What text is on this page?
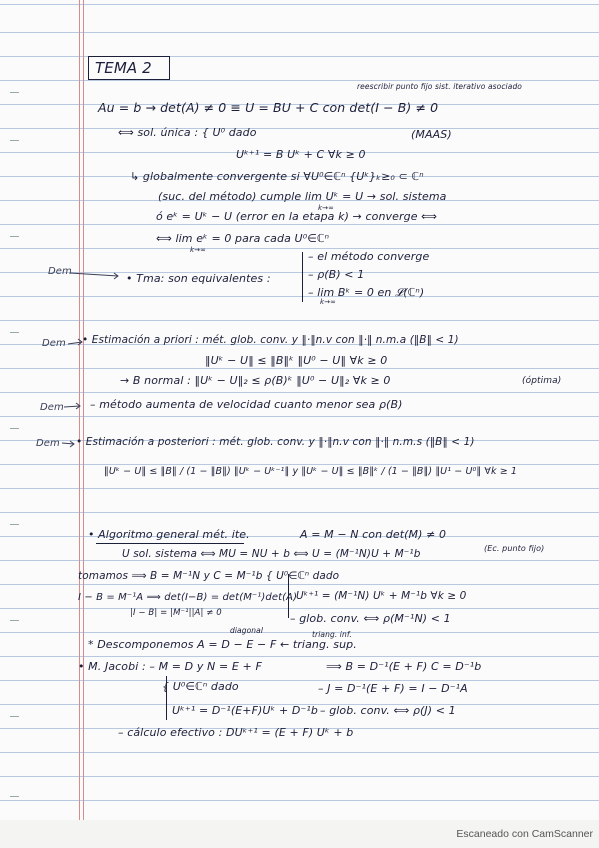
TEMA 2
Au = b → det(A) ≠ 0 ≡ U = BU + C con det(I − B) ≠ 0
reescribir punto fijo sist. iterativo asociado
⟺ sol. única : { U⁰ dado	(MAAS)
Uᵏ⁺¹ = B Uᵏ + C ∀k ≥ 0
↳ globalmente convergente si ∀U⁰∈ℂⁿ {Uᵏ}ₖ≥₀ ⊂ ℂⁿ
(suc. del método) cumple lim Uᵏ = U → sol. sistema
k→∞
ó eᵏ = Uᵏ − U (error en la etapa k) → converge ⟺
⟺ lim eᵏ = 0 para cada U⁰∈ℂⁿ
k→∞
Dem
• Tma: son equivalentes :
– el método converge
– ρ(B) < 1
– lim Bᵏ = 0 en 𝓛(ℂⁿ)
k→∞
Dem • Estimación a priori : mét. glob. conv. y ‖·‖n.v con ‖·‖ n.m.a (‖B‖ < 1)
‖Uᵏ − U‖ ≤ ‖B‖ᵏ ‖U⁰ − U‖ ∀k ≥ 0
→ B normal : ‖Uᵏ − U‖₂ ≤ ρ(B)ᵏ ‖U⁰ − U‖₂ ∀k ≥ 0	(óptima)
Dem – método aumenta de velocidad cuanto menor sea ρ(B)
Dem • Estimación a posteriori : mét. glob. conv. y ‖·‖n.v con ‖·‖ n.m.s (‖B‖ < 1)
‖Uᵏ − U‖ ≤ ‖B‖ / (1 − ‖B‖) ‖Uᵏ − Uᵏ⁻¹‖ y ‖Uᵏ − U‖ ≤ ‖B‖ᵏ / (1 − ‖B‖) ‖U¹ − U⁰‖ ∀k ≥ 1
• Algoritmo general mét. ite.	A = M − N con det(M) ≠ 0
U sol. sistema ⟺ MU = NU + b ⟺ U = (M⁻¹N)U + M⁻¹b	(Ec. punto fijo)
tomamos ⟹ B = M⁻¹N y C = M⁻¹b { U⁰∈ℂⁿ dado
I − B = M⁻¹A ⟹ det(I−B) = det(M⁻¹)det(A)
Uᵏ⁺¹ = (M⁻¹N) Uᵏ + M⁻¹b ∀k ≥ 0
|I − B| = |M⁻¹||A| ≠ 0	– glob. conv. ⟺ ρ(M⁻¹N) < 1
diagonal	triang. inf.
* Descomponemos A = D − E − F ← triang. sup.
• M. Jacobi : – M = D y N = E + F	⟹ B = D⁻¹(E + F) C = D⁻¹b
{ U⁰∈ℂⁿ dado	– J = D⁻¹(E + F) = I − D⁻¹A
Uᵏ⁺¹ = D⁻¹(E+F)Uᵏ + D⁻¹b – glob. conv. ⟺ ρ(J) < 1
– cálculo efectivo : DUᵏ⁺¹ = (E + F) Uᵏ + b
Escaneado con CamScanner
